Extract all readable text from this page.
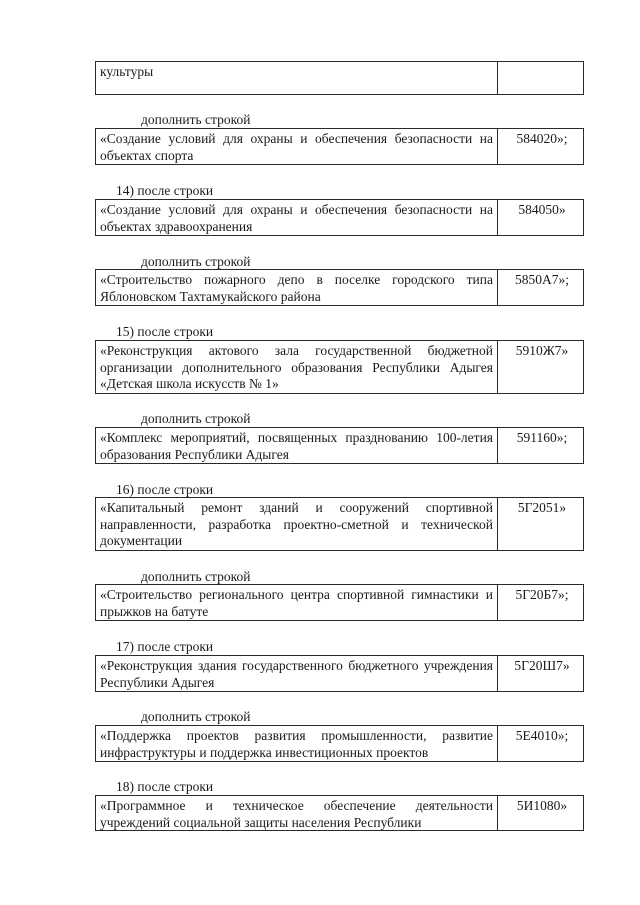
культуры
дополнить строкой
«Создание условий для охраны и обеспечения безопасности на объектах спорта
584020»;
14) после строки
«Создание условий для охраны и обеспечения безопасности на объектах здравоохранения
584050»
дополнить строкой
«Строительство пожарного депо в поселке городского типа Яблоновском Тахтамукайского района
5850А7»;
15) после строки
«Реконструкция актового зала государственной бюджетной организации дополнительного образования Республики Адыгея «Детская школа искусств № 1»
5910Ж7»
дополнить строкой
«Комплекс мероприятий, посвященных празднованию 100-летия образования Республики Адыгея
591160»;
16) после строки
«Капитальный ремонт зданий и сооружений спортивной направленности, разработка проектно-сметной и технической документации
5Г2051»
дополнить строкой
«Строительство регионального центра спортивной гимнастики и прыжков на батуте
5Г20Б7»;
17) после строки
«Реконструкция здания государственного бюджетного учреждения Республики Адыгея
5Г20Ш7»
дополнить строкой
«Поддержка проектов развития промышленности, развитие инфраструктуры и поддержка инвестиционных проектов
5Е4010»;
18) после строки
«Программное и техническое обеспечение деятельности учреждений социальной защиты населения Республики
5И1080»
